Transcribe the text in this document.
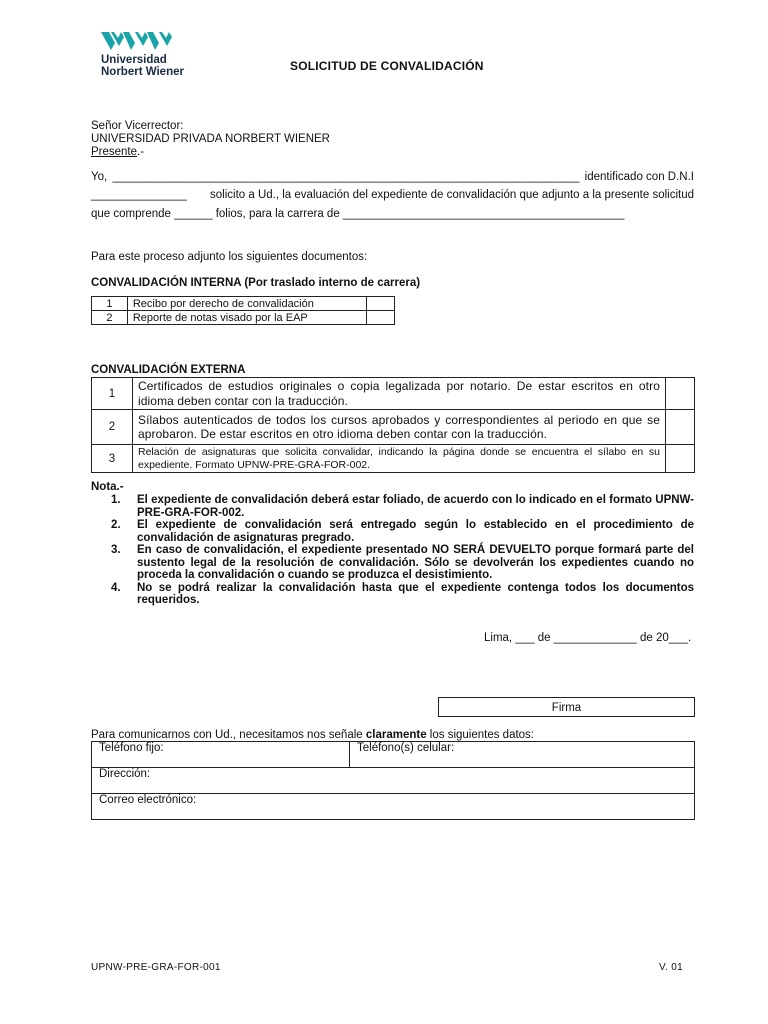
Universidad
Norbert Wiener	SOLICITUD DE CONVALIDACIÓN
Señor Vicerrector:
UNIVERSIDAD PRIVADA NORBERT WIENER
Presente.-
Yo, _________________________________________________________________________ identificado con D.N.I
_______________ solicito a Ud., la evaluación del expediente de convalidación que adjunto a la presente solicitud
que comprende ______ folios, para la carrera de ____________________________________________
Para este proceso adjunto los siguientes documentos:
CONVALIDACIÓN INTERNA (Por traslado interno de carrera)
1	Recibo por derecho de convalidación	
2	Reporte de notas visado por la EAP	
CONVALIDACIÓN EXTERNA
1	Certificados de estudios originales o copia legalizada por notario. De estar escritos en otro idioma deben contar con la traducción.	
2	Sílabos autenticados de todos los cursos aprobados y correspondientes al periodo en que se aprobaron. De estar escritos en otro idioma deben contar con la traducción.	
3	Relación de asignaturas que solicita convalidar, indicando la página donde se encuentra el sílabo en su expediente. Formato UPNW-PRE-GRA-FOR-002.	
Nota.-
1.	El expediente de convalidación deberá estar foliado, de acuerdo con lo indicado en el formato UPNW-PRE-GRA-FOR-002.
2.	El expediente de convalidación será entregado según lo establecido en el procedimiento de convalidación de asignaturas pregrado.
3.	En caso de convalidación, el expediente presentado NO SERÁ DEVUELTO porque formará parte del sustento legal de la resolución de convalidación. Sólo se devolverán los expedientes cuando no proceda la convalidación o cuando se produzca el desistimiento.
4.	No se podrá realizar la convalidación hasta que el expediente contenga todos los documentos requeridos.
Lima, ___ de _____________ de 20___.
Firma
Para comunicarnos con Ud., necesitamos nos señale claramente los siguientes datos:
Teléfono fijo:	Teléfono(s) celular:
Dirección:
Correo electrónico:
UPNW-PRE-GRA-FOR-001	V. 01
